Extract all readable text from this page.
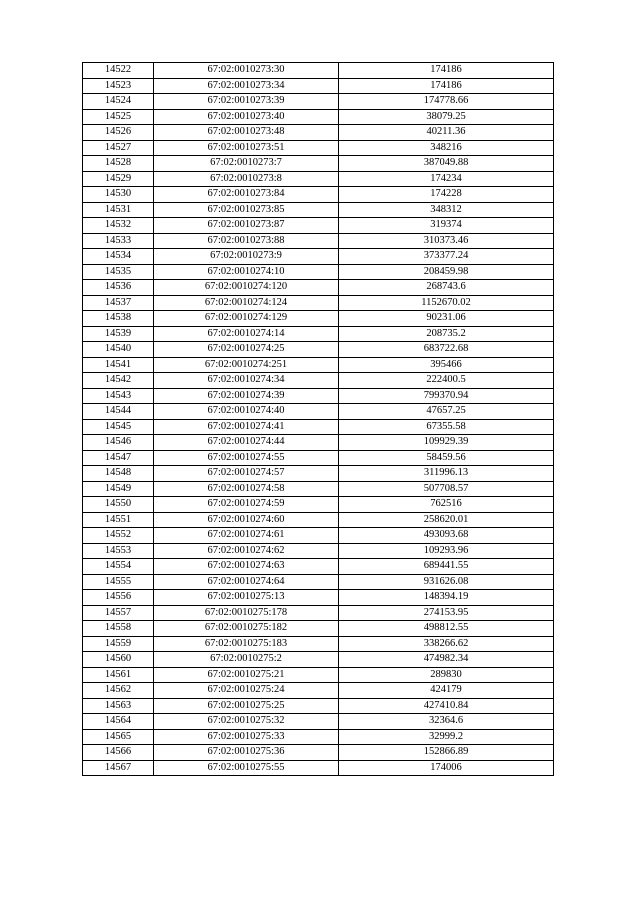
14522	67:02:0010273:30	174186
14523	67:02:0010273:34	174186
14524	67:02:0010273:39	174778.66
14525	67:02:0010273:40	38079.25
14526	67:02:0010273:48	40211.36
14527	67:02:0010273:51	348216
14528	67:02:0010273:7	387049.88
14529	67:02:0010273:8	174234
14530	67:02:0010273:84	174228
14531	67:02:0010273:85	348312
14532	67:02:0010273:87	319374
14533	67:02:0010273:88	310373.46
14534	67:02:0010273:9	373377.24
14535	67:02:0010274:10	208459.98
14536	67:02:0010274:120	268743.6
14537	67:02:0010274:124	1152670.02
14538	67:02:0010274:129	90231.06
14539	67:02:0010274:14	208735.2
14540	67:02:0010274:25	683722.68
14541	67:02:0010274:251	395466
14542	67:02:0010274:34	222400.5
14543	67:02:0010274:39	799370.94
14544	67:02:0010274:40	47657.25
14545	67:02:0010274:41	67355.58
14546	67:02:0010274:44	109929.39
14547	67:02:0010274:55	58459.56
14548	67:02:0010274:57	311996.13
14549	67:02:0010274:58	507708.57
14550	67:02:0010274:59	762516
14551	67:02:0010274:60	258620.01
14552	67:02:0010274:61	493093.68
14553	67:02:0010274:62	109293.96
14554	67:02:0010274:63	689441.55
14555	67:02:0010274:64	931626.08
14556	67:02:0010275:13	148394.19
14557	67:02:0010275:178	274153.95
14558	67:02:0010275:182	498812.55
14559	67:02:0010275:183	338266.62
14560	67:02:0010275:2	474982.34
14561	67:02:0010275:21	289830
14562	67:02:0010275:24	424179
14563	67:02:0010275:25	427410.84
14564	67:02:0010275:32	32364.6
14565	67:02:0010275:33	32999.2
14566	67:02:0010275:36	152866.89
14567	67:02:0010275:55	174006
